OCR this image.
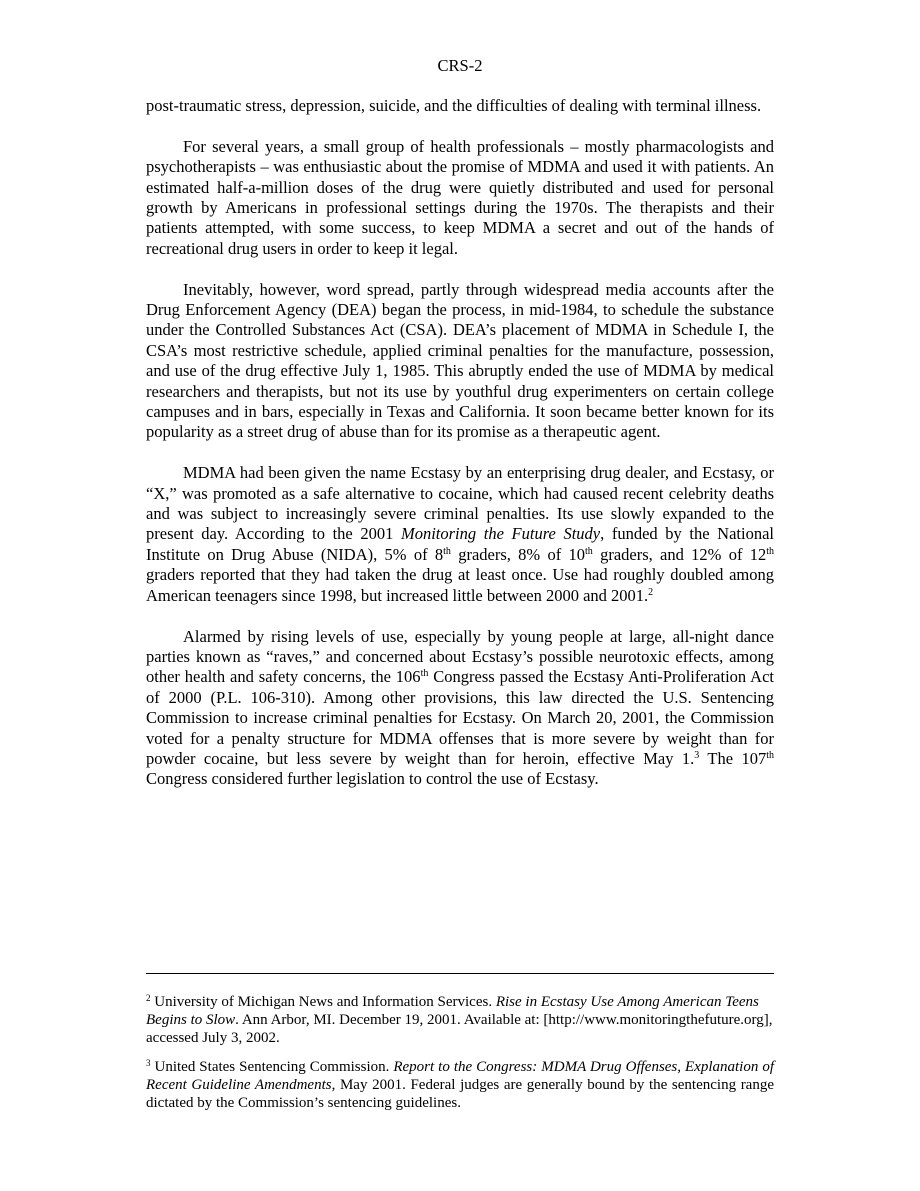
CRS-2

post-traumatic stress, depression, suicide, and the difficulties of dealing with terminal illness.

For several years, a small group of health professionals – mostly pharmacologists and psychotherapists – was enthusiastic about the promise of MDMA and used it with patients. An estimated half-a-million doses of the drug were quietly distributed and used for personal growth by Americans in professional settings during the 1970s. The therapists and their patients attempted, with some success, to keep MDMA a secret and out of the hands of recreational drug users in order to keep it legal.

Inevitably, however, word spread, partly through widespread media accounts after the Drug Enforcement Agency (DEA) began the process, in mid-1984, to schedule the substance under the Controlled Substances Act (CSA). DEA’s placement of MDMA in Schedule I, the CSA’s most restrictive schedule, applied criminal penalties for the manufacture, possession, and use of the drug effective July 1, 1985. This abruptly ended the use of MDMA by medical researchers and therapists, but not its use by youthful drug experimenters on certain college campuses and in bars, especially in Texas and California. It soon became better known for its popularity as a street drug of abuse than for its promise as a therapeutic agent.

MDMA had been given the name Ecstasy by an enterprising drug dealer, and Ecstasy, or “X,” was promoted as a safe alternative to cocaine, which had caused recent celebrity deaths and was subject to increasingly severe criminal penalties. Its use slowly expanded to the present day. According to the 2001 Monitoring the Future Study, funded by the National Institute on Drug Abuse (NIDA), 5% of 8th graders, 8% of 10th graders, and 12% of 12th graders reported that they had taken the drug at least once. Use had roughly doubled among American teenagers since 1998, but increased little between 2000 and 2001.$^2$

Alarmed by rising levels of use, especially by young people at large, all-night dance parties known as “raves,” and concerned about Ecstasy’s possible neurotoxic effects, among other health and safety concerns, the 106th Congress passed the Ecstasy Anti-Proliferation Act of 2000 (P.L. 106-310). Among other provisions, this law directed the U.S. Sentencing Commission to increase criminal penalties for Ecstasy. On March 20, 2001, the Commission voted for a penalty structure for MDMA offenses that is more severe by weight than for powder cocaine, but less severe by weight than for heroin, effective May 1.$^3$ The 107th Congress considered further legislation to control the use of Ecstasy.

$^2$ University of Michigan News and Information Services. Rise in Ecstasy Use Among American Teens Begins to Slow. Ann Arbor, MI. December 19, 2001. Available at: [http://www.monitoringthefuture.org], accessed July 3, 2002.

$^3$ United States Sentencing Commission. Report to the Congress: MDMA Drug Offenses, Explanation of Recent Guideline Amendments, May 2001. Federal judges are generally bound by the sentencing range dictated by the Commission’s sentencing guidelines.
